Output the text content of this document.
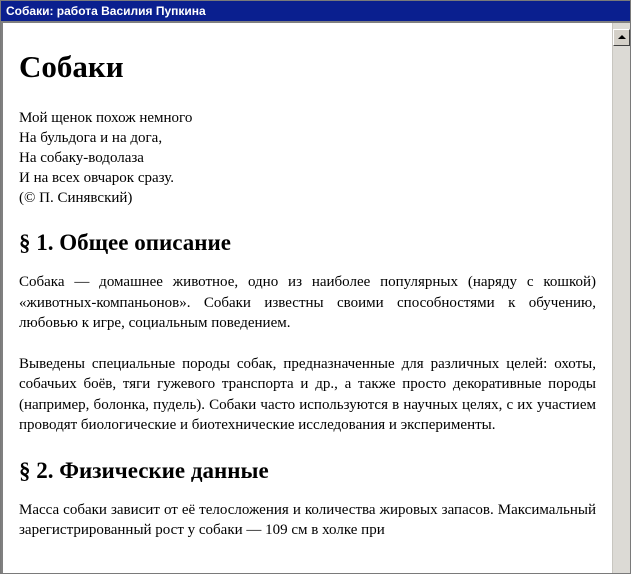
Собаки: работа Василия Пупкина
Собаки
Мой щенок похож немного
На бульдога и на дога,
На собаку-водолаза
И на всех овчарок сразу.
(© П. Синявский)
§ 1. Общее описание

Собака — домашнее животное, одно из наиболее популярных (наряду с кошкой) «животных-компаньонов». Собаки известны своими способностями к обучению, любовью к игре, социальным поведением.

Выведены специальные породы собак, предназначенные для различных целей: охоты, собачьих боёв, тяги гужевого транспорта и др., а также просто декоративные породы (например, болонка, пудель). Собаки часто используются в научных целях, с их участием проводят биологические и биотехнические исследования и эксперименты.

§ 2. Физические данные

Масса собаки зависит от её телосложения и количества жировых запасов. Максимальный зарегистрированный рост у собаки — 109 см в холке при
